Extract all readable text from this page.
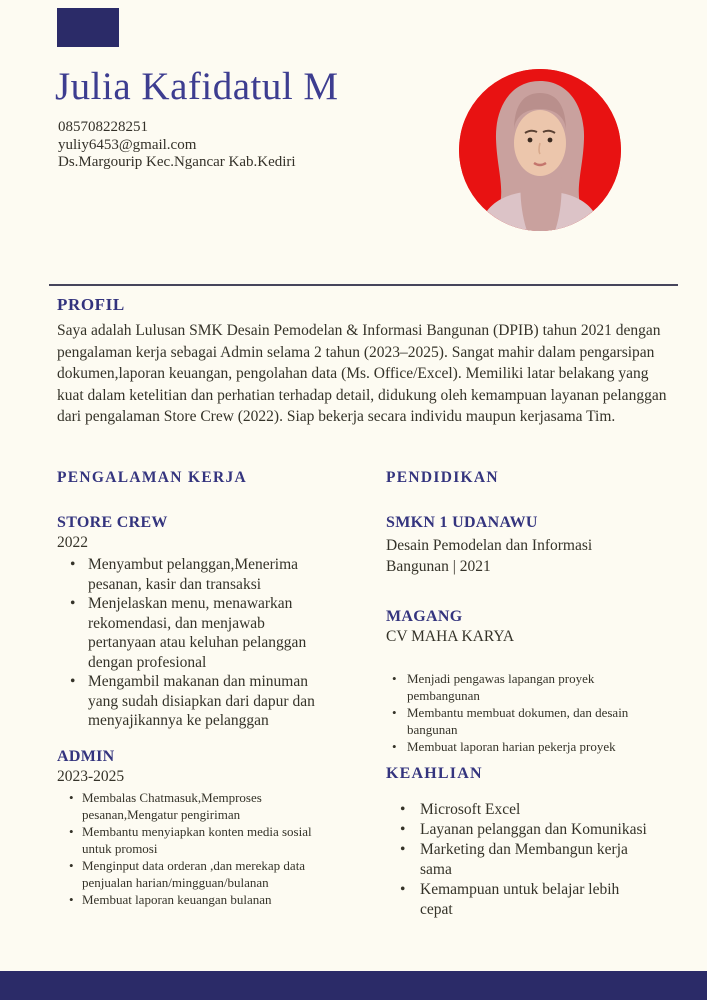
Julia Kafidatul M
085708228251
yuliy6453@gmail.com
Ds.Margourip Kec.Ngancar Kab.Kediri
PROFIL

Saya adalah Lulusan SMK Desain Pemodelan & Informasi Bangunan (DPIB) tahun 2021 dengan pengalaman kerja sebagai Admin selama 2 tahun (2023–2025). Sangat mahir dalam pengarsipan dokumen,laporan keuangan, pengolahan data (Ms. Office/Excel). Memiliki latar belakang yang kuat dalam ketelitian dan perhatian terhadap detail, didukung oleh kemampuan layanan pelanggan dari pengalaman Store Crew (2022). Siap bekerja secara individu maupun kerjasama Tim.

PENGALAMAN KERJA
STORE CREW
2022
• Menyambut pelanggan,Menerima pesanan, kasir dan transaksi
• Menjelaskan menu, menawarkan rekomendasi, dan menjawab pertanyaan atau keluhan pelanggan dengan profesional
• Mengambil makanan dan minuman yang sudah disiapkan dari dapur dan menyajikannya ke pelanggan
ADMIN
2023-2025
• Membalas Chatmasuk,Memproses pesanan,Mengatur pengiriman
• Membantu menyiapkan konten media sosial untuk promosi
• Menginput data orderan ,dan merekap data penjualan harian/mingguan/bulanan
• Membuat laporan keuangan bulanan
PENDIDIKAN
SMKN 1 UDANAWU

Desain Pemodelan dan Informasi Bangunan | 2021

MAGANG
CV MAHA KARYA
• Menjadi pengawas lapangan proyek pembangunan
• Membantu membuat dokumen, dan desain bangunan
• Membuat laporan harian pekerja proyek
KEAHLIAN
• Microsoft Excel
• Layanan pelanggan dan Komunikasi
• Marketing dan Membangun kerja sama
• Kemampuan untuk belajar lebih cepat
